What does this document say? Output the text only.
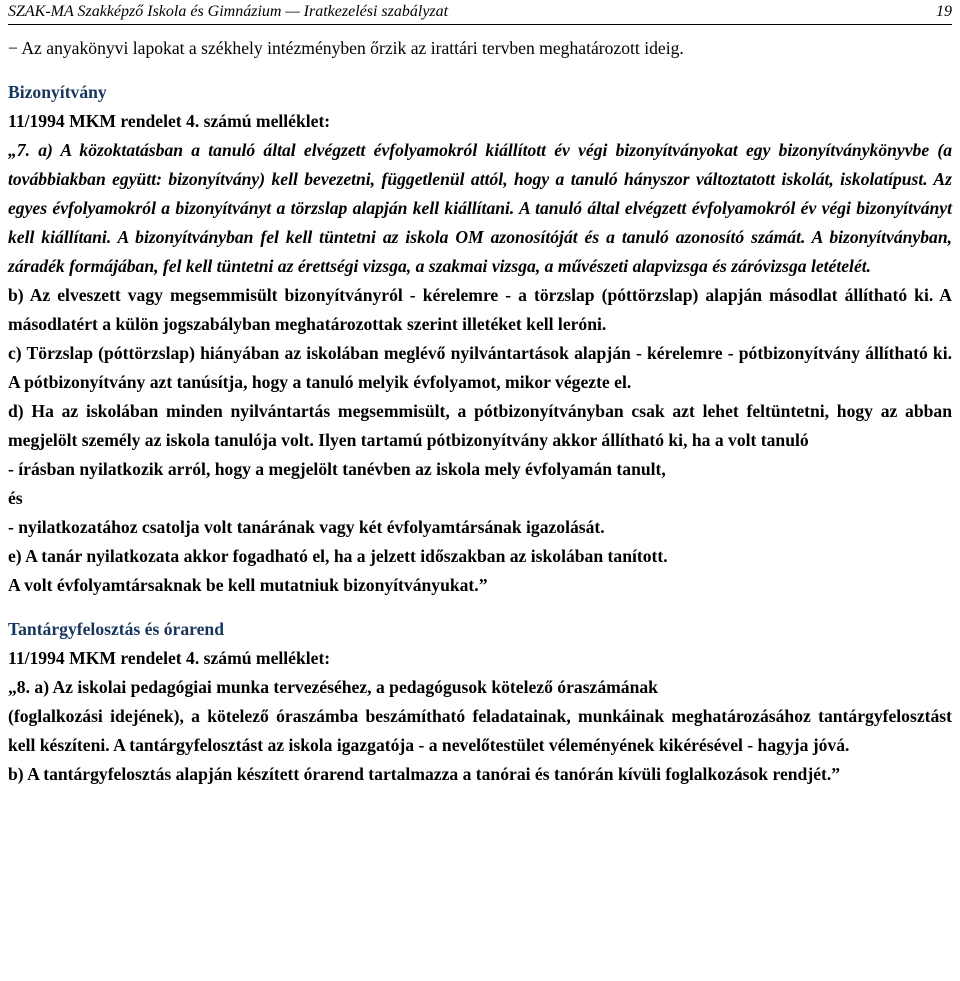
SZAK-MA Szakképző Iskola és Gimnázium — Iratkezelési szabályzat	19

− Az anyakönyvi lapokat a székhely intézményben őrzik az irattári tervben meghatározott ideig.

Bizonyítvány

11/1994 MKM rendelet 4. számú melléklet:

„7. a) A közoktatásban a tanuló által elvégzett évfolyamokról kiállított év végi bizonyítványokat egy bizonyítványkönyvbe (a továbbiakban együtt: bizonyítvány) kell bevezetni, függetlenül attól, hogy a tanuló hányszor változtatott iskolát, iskolatípust. Az egyes évfolyamokról a bizonyítványt a törzslap alapján kell kiállítani. A tanuló által elvégzett évfolyamokról év végi bizonyítványt kell kiállítani. A bizonyítványban fel kell tüntetni az iskola OM azonosítóját és a tanuló azonosító számát. A bizonyítványban, záradék formájában, fel kell tüntetni az érettségi vizsga, a szakmai vizsga, a művészeti alapvizsga és záróvizsga letételét.

b) Az elveszett vagy megsemmisült bizonyítványról - kérelemre - a törzslap (póttörzslap) alapján másodlat állítható ki. A másodlatért a külön jogszabályban meghatározottak szerint illetéket kell leróni.

c) Törzslap (póttörzslap) hiányában az iskolában meglévő nyilvántartások alapján - kérelemre - pótbizonyítvány állítható ki. A pótbizonyítvány azt tanúsítja, hogy a tanuló melyik évfolyamot, mikor végezte el.

d) Ha az iskolában minden nyilvántartás megsemmisült, a pótbizonyítványban csak azt lehet feltüntetni, hogy az abban megjelölt személy az iskola tanulója volt. Ilyen tartamú pótbizonyítvány akkor állítható ki, ha a volt tanuló

- írásban nyilatkozik arról, hogy a megjelölt tanévben az iskola mely évfolyamán tanult,

és

- nyilatkozatához csatolja volt tanárának vagy két évfolyamtársának igazolását.

e) A tanár nyilatkozata akkor fogadható el, ha a jelzett időszakban az iskolában tanított.

A volt évfolyamtársaknak be kell mutatniuk bizonyítványukat.”

Tantárgyfelosztás és órarend

11/1994 MKM rendelet 4. számú melléklet:

„8. a) Az iskolai pedagógiai munka tervezéséhez, a pedagógusok kötelező óraszámának

(foglalkozási idejének), a kötelező óraszámba beszámítható feladatainak, munkáinak meghatározásához tantárgyfelosztást kell készíteni. A tantárgyfelosztást az iskola igazgatója - a nevelőtestület véleményének kikérésével - hagyja jóvá.

b) A tantárgyfelosztás alapján készített órarend tartalmazza a tanórai és tanórán kívüli foglalkozások rendjét.”
